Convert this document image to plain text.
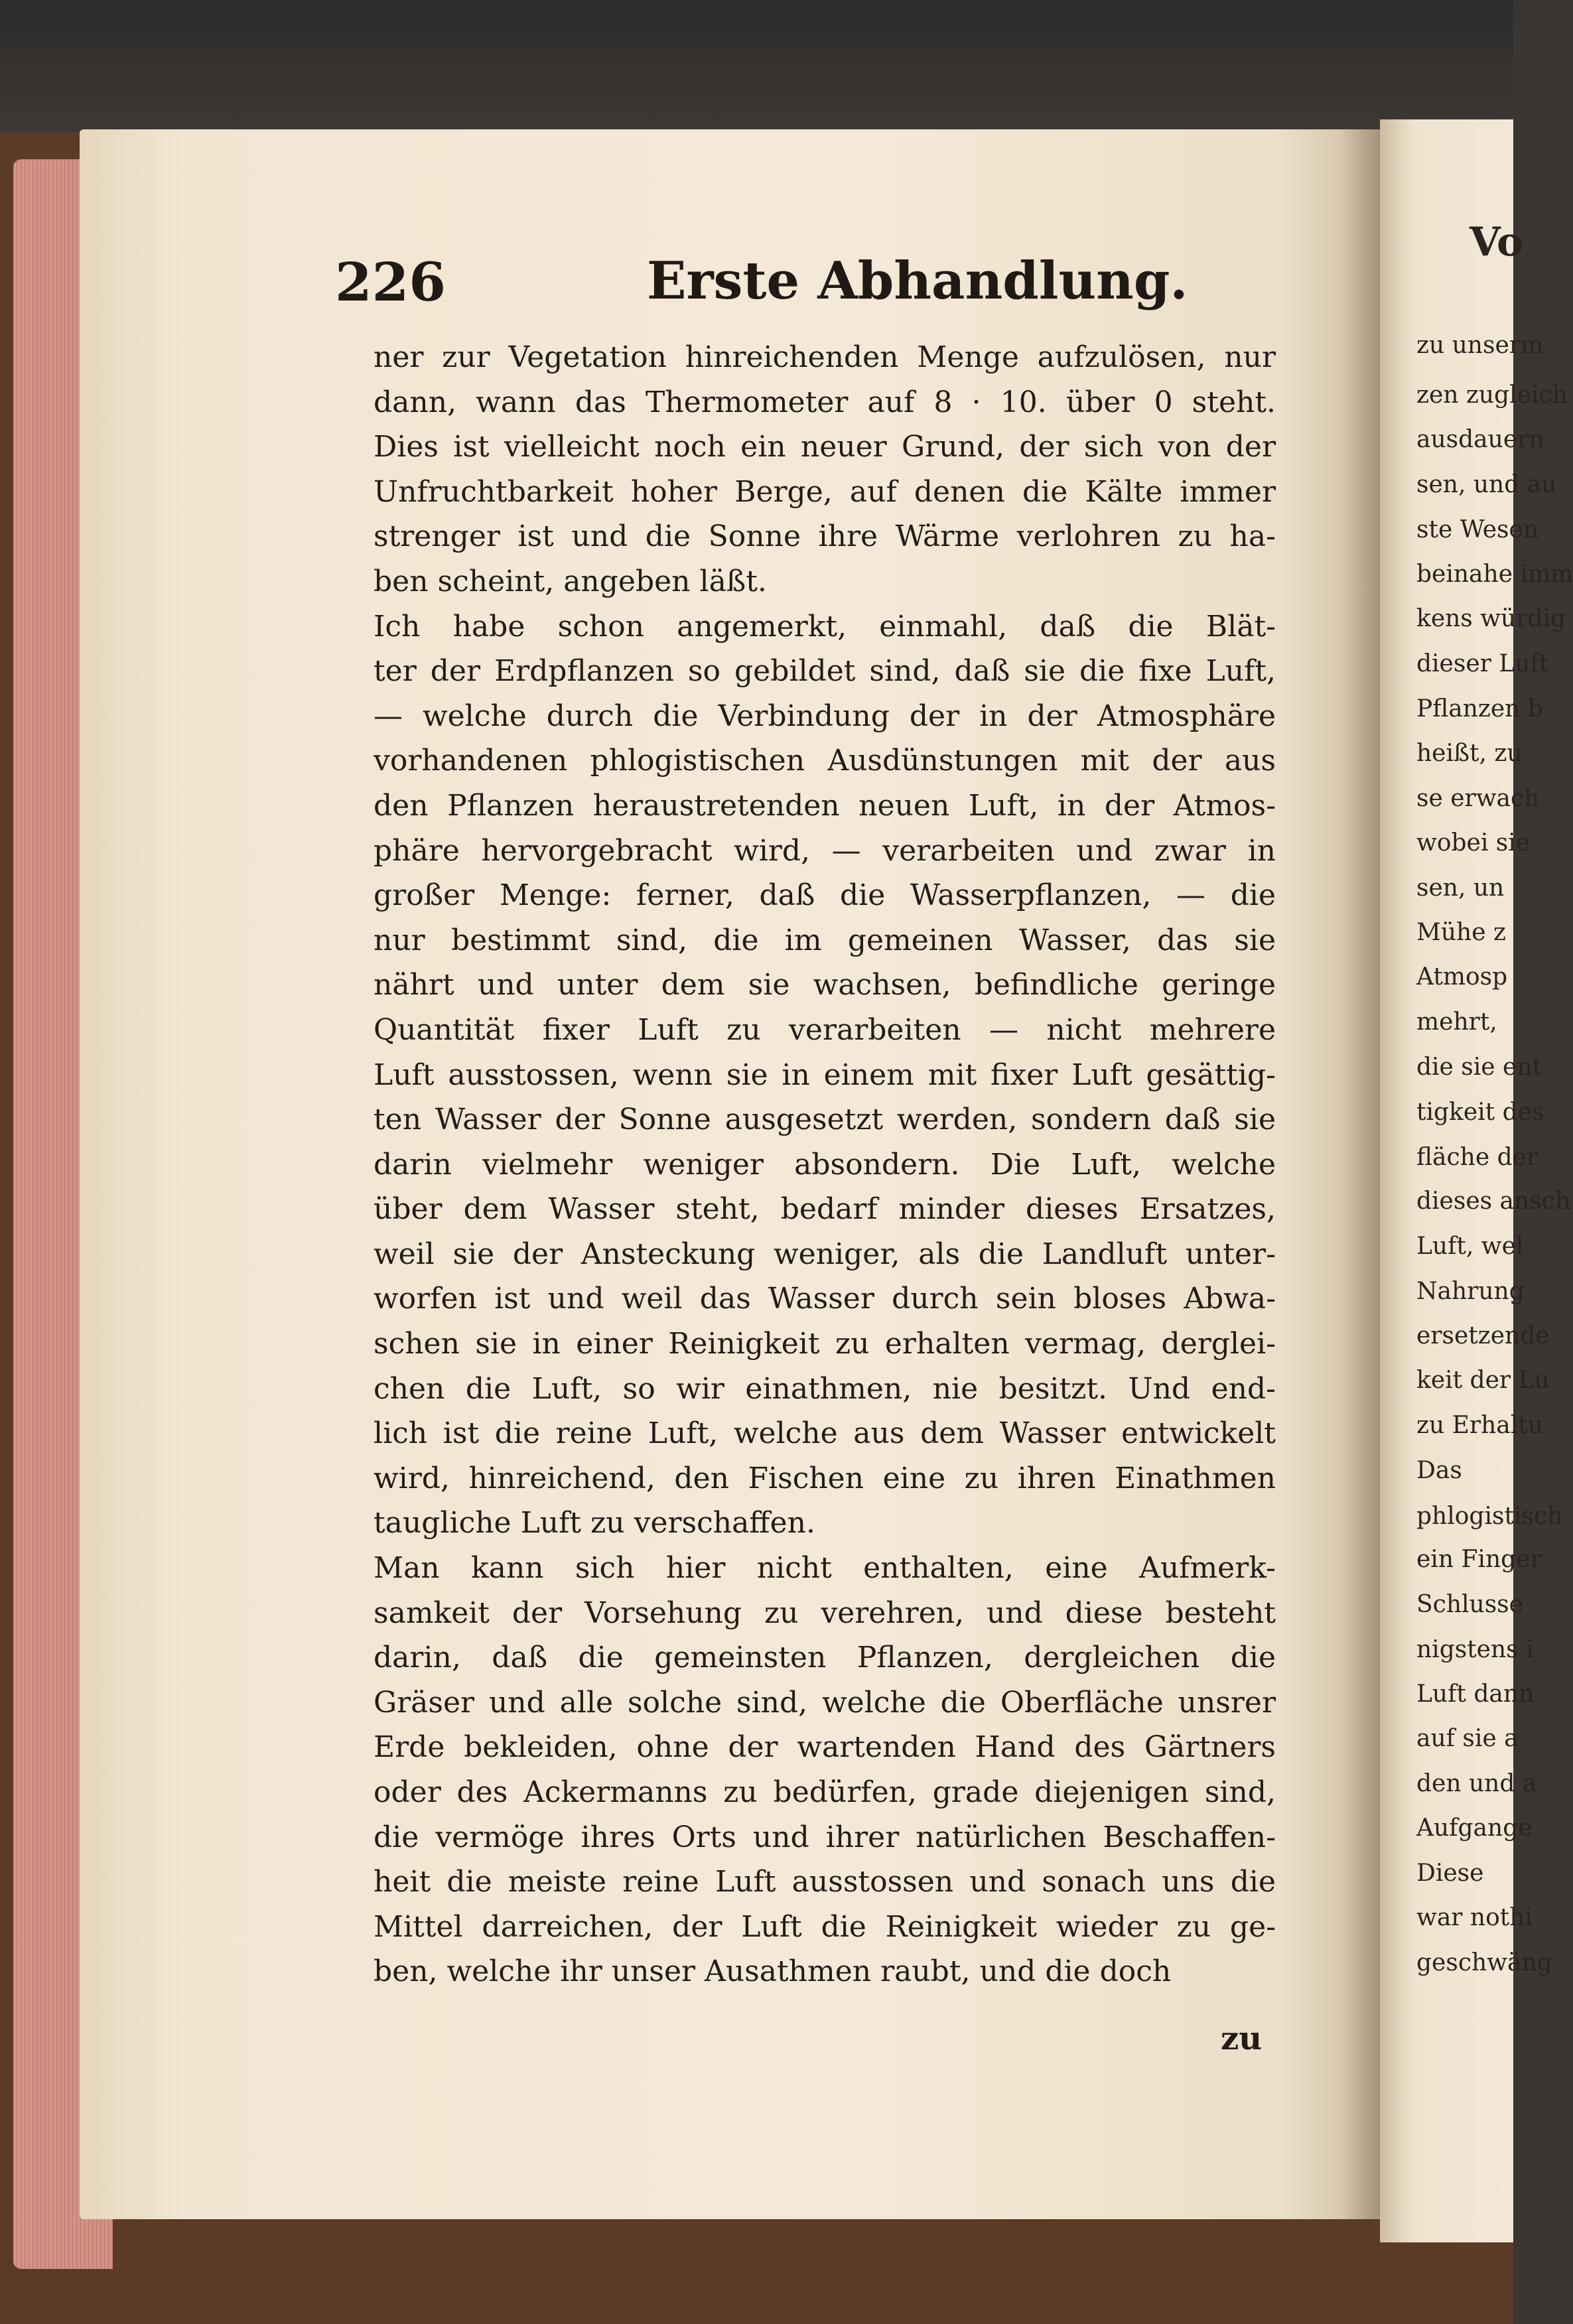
226	Erste Abhandlung.
ner zur Vegetation hinreichenden Menge aufzulösen, nur
dann, wann das Thermometer auf 8 · 10. über 0 steht.
Dies ist vielleicht noch ein neuer Grund, der sich von der
Unfruchtbarkeit hoher Berge, auf denen die Kälte immer
strenger ist und die Sonne ihre Wärme verlohren zu ha-
ben scheint, angeben läßt.
Ich habe schon angemerkt, einmahl, daß die Blät-
ter der Erdpflanzen so gebildet sind, daß sie die fixe Luft,
— welche durch die Verbindung der in der Atmosphäre
vorhandenen phlogistischen Ausdünstungen mit der aus
den Pflanzen heraustretenden neuen Luft, in der Atmos-
phäre hervorgebracht wird, — verarbeiten und zwar in
großer Menge: ferner, daß die Wasserpflanzen, — die
nur bestimmt sind, die im gemeinen Wasser, das sie
nährt und unter dem sie wachsen, befindliche geringe
Quantität fixer Luft zu verarbeiten — nicht mehrere
Luft ausstossen, wenn sie in einem mit fixer Luft gesättig-
ten Wasser der Sonne ausgesetzt werden, sondern daß sie
darin vielmehr weniger absondern. Die Luft, welche
über dem Wasser steht, bedarf minder dieses Ersatzes,
weil sie der Ansteckung weniger, als die Landluft unter-
worfen ist und weil das Wasser durch sein bloses Abwa-
schen sie in einer Reinigkeit zu erhalten vermag, derglei-
chen die Luft, so wir einathmen, nie besitzt. Und end-
lich ist die reine Luft, welche aus dem Wasser entwickelt
wird, hinreichend, den Fischen eine zu ihren Einathmen
taugliche Luft zu verschaffen.
Man kann sich hier nicht enthalten, eine Aufmerk-
samkeit der Vorsehung zu verehren, und diese besteht
darin, daß die gemeinsten Pflanzen, dergleichen die
Gräser und alle solche sind, welche die Oberfläche unsrer
Erde bekleiden, ohne der wartenden Hand des Gärtners
oder des Ackermanns zu bedürfen, grade diejenigen sind,
die vermöge ihres Orts und ihrer natürlichen Beschaffen-
heit die meiste reine Luft ausstossen und sonach uns die
Mittel darreichen, der Luft die Reinigkeit wieder zu ge-
ben, welche ihr unser Ausathmen raubt, und die doch
zu
Vo
zu unserm
zen zugleich
ausdauern
sen, und au
ste Wesen
beinahe imm
kens würdig
dieser Luft
Pflanzen b
heißt, zu
se erwach
wobei sie
sen, un
Mühe z
Atmosp
mehrt,
die sie ent
tigkeit des
fläche der
dieses ansch
Luft, wel
Nahrung
ersetzende
keit der Lu
zu Erhaltu
Das
phlogistisch
ein Finger
Schlusse
nigstens i
Luft dann
auf sie a
den und a
Aufgange
Diese
war nothi
geschwäng
